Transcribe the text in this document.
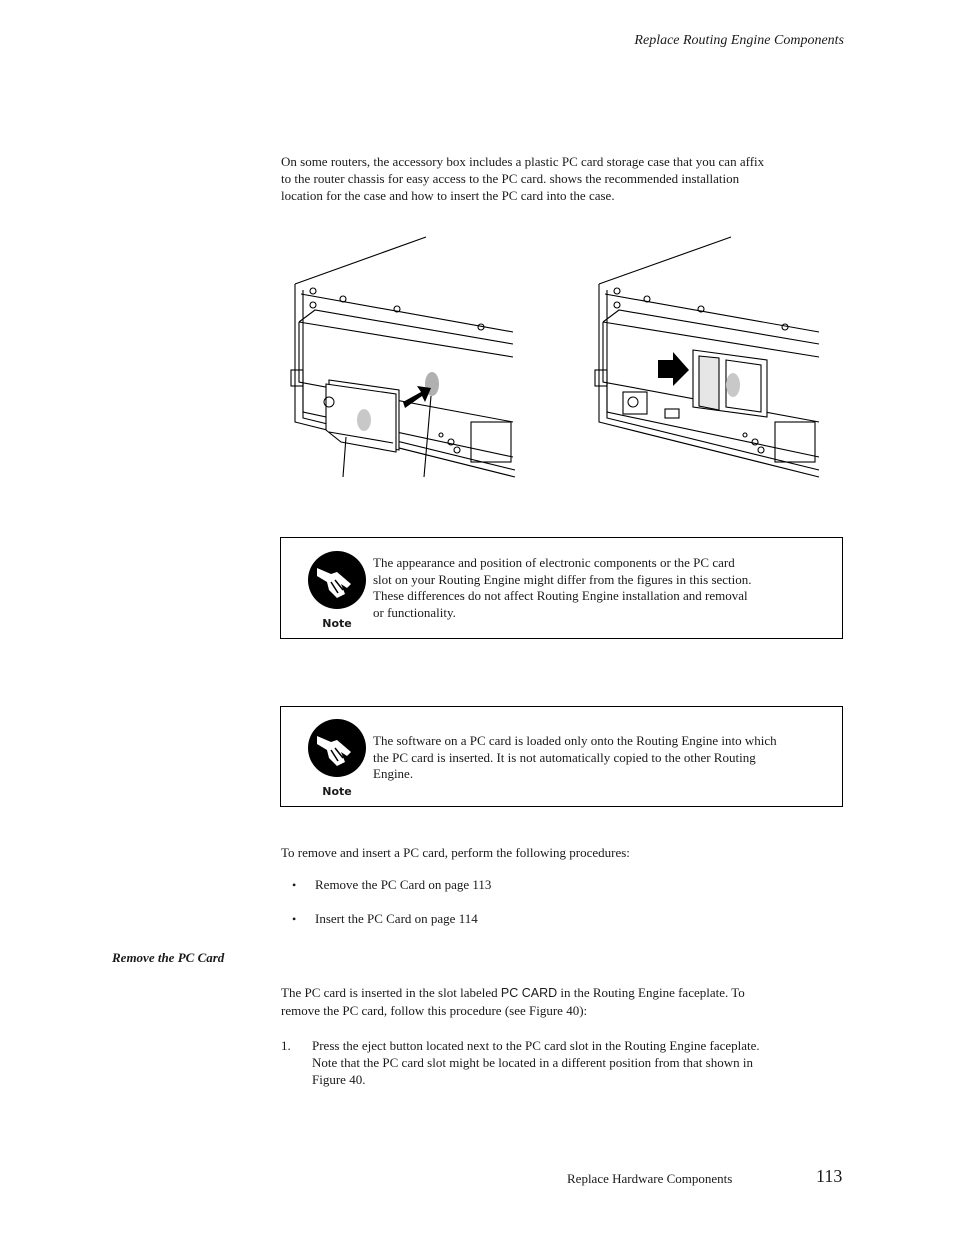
Replace Routing Engine Components
On some routers, the accessory box includes a plastic PC card storage case that you can affix
to the router chassis for easy access to the PC card. shows the recommended installation
location for the case and how to insert the PC card into the case.
Note
The appearance and position of electronic components or the PC card
slot on your Routing Engine might differ from the figures in this section.
These differences do not affect Routing Engine installation and removal
or functionality.
Note
The software on a PC card is loaded only onto the Routing Engine into which
the PC card is inserted. It is not automatically copied to the other Routing
Engine.
To remove and insert a PC card, perform the following procedures:
• Remove the PC Card on page 113
• Insert the PC Card on page 114
Remove the PC Card
The PC card is inserted in the slot labeled PC CARD in the Routing Engine faceplate. To
remove the PC card, follow this procedure (see Figure 40):
1. Press the eject button located next to the PC card slot in the Routing Engine faceplate.
Note that the PC card slot might be located in a different position from that shown in
Figure 40.
Replace Hardware Components	113
